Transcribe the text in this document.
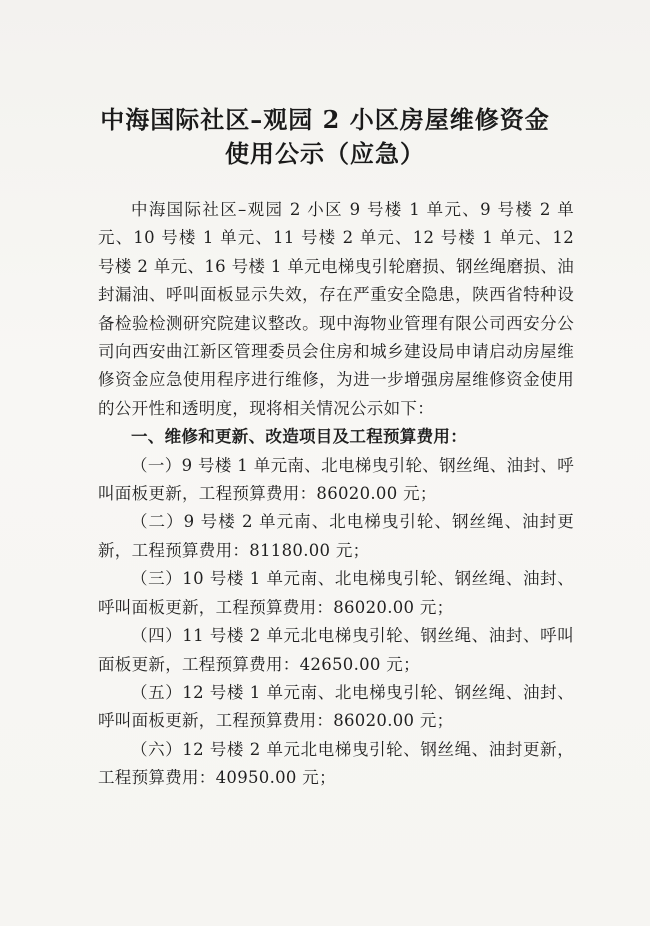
中海国际社区–观园 2 小区房屋维修资金
使用公示（应急）

中海国际社区–观园 2 小区 9 号楼 1 单元、9 号楼 2 单元、10 号楼 1 单元、11 号楼 2 单元、12 号楼 1 单元、12 号楼 2 单元、16 号楼 1 单元电梯曳引轮磨损、钢丝绳磨损、油封漏油、呼叫面板显示失效，存在严重安全隐患，陕西省特种设备检验检测研究院建议整改。现中海物业管理有限公司西安分公司向西安曲江新区管理委员会住房和城乡建设局申请启动房屋维修资金应急使用程序进行维修，为进一步增强房屋维修资金使用的公开性和透明度，现将相关情况公示如下：

一、维修和更新、改造项目及工程预算费用：

（一）9 号楼 1 单元南、北电梯曳引轮、钢丝绳、油封、呼叫面板更新，工程预算费用：86020.00 元；

（二）9 号楼 2 单元南、北电梯曳引轮、钢丝绳、油封更新，工程预算费用：81180.00 元；

（三）10 号楼 1 单元南、北电梯曳引轮、钢丝绳、油封、呼叫面板更新，工程预算费用：86020.00 元；

（四）11 号楼 2 单元北电梯曳引轮、钢丝绳、油封、呼叫面板更新，工程预算费用：42650.00 元；

（五）12 号楼 1 单元南、北电梯曳引轮、钢丝绳、油封、呼叫面板更新，工程预算费用：86020.00 元；

（六）12 号楼 2 单元北电梯曳引轮、钢丝绳、油封更新，工程预算费用：40950.00 元；
